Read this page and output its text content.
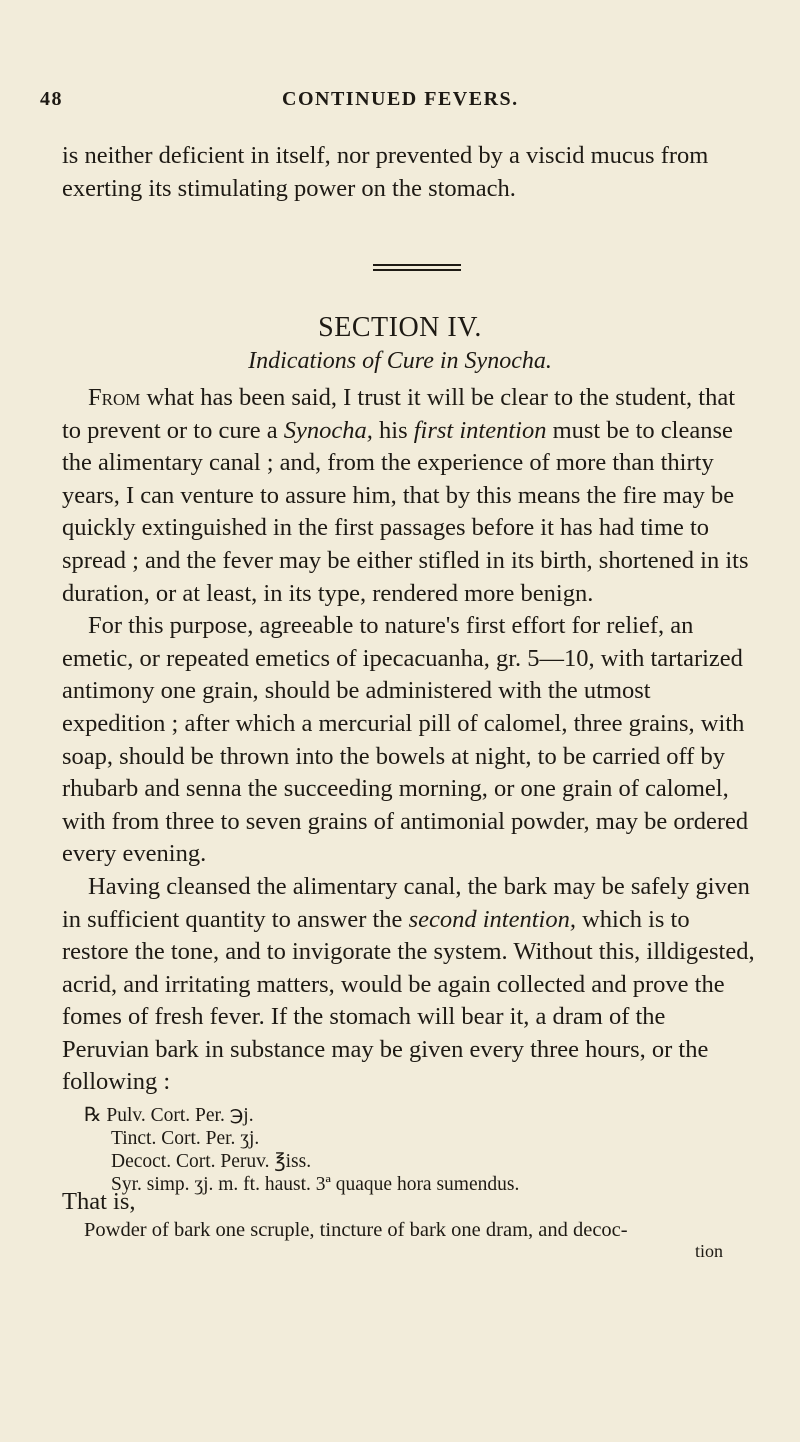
48	CONTINUED FEVERS.

is neither deficient in itself, nor prevented by a viscid mucus from exerting its stimulating power on the stomach.

SECTION IV.
Indications of Cure in Synocha.

From what has been said, I trust it will be clear to the student, that to prevent or to cure a Synocha, his first intention must be to cleanse the alimentary canal ; and, from the experience of more than thirty years, I can venture to assure him, that by this means the fire may be quickly extinguished in the first passages before it has had time to spread ; and the fever may be either stifled in its birth, shortened in its duration, or at least, in its type, rendered more benign.

For this purpose, agreeable to nature's first effort for relief, an emetic, or repeated emetics of ipecacuanha, gr. 5—10, with tartarized antimony one grain, should be administered with the utmost expedition ; after which a mercurial pill of calomel, three grains, with soap, should be thrown into the bowels at night, to be carried off by rhubarb and senna the succeeding morning, or one grain of calomel, with from three to seven grains of antimonial powder, may be ordered every evening.

Having cleansed the alimentary canal, the bark may be safely given in sufficient quantity to answer the second intention, which is to restore the tone, and to invigorate the system. Without this, illdigested, acrid, and irritating matters, would be again collected and prove the fomes of fresh fever. If the stomach will bear it, a dram of the Peruvian bark in substance may be given every three hours, or the following :

℞ Pulv. Cort. Per. ℈j.
Tinct. Cort. Per. ʒj.
Decoct. Cort. Peruv. ℥iss.
Syr. simp. ʒj. m. ft. haust. 3ª quaque hora sumendus.
That is,
Powder of bark one scruple, tincture of bark one dram, and decoc-
tion
